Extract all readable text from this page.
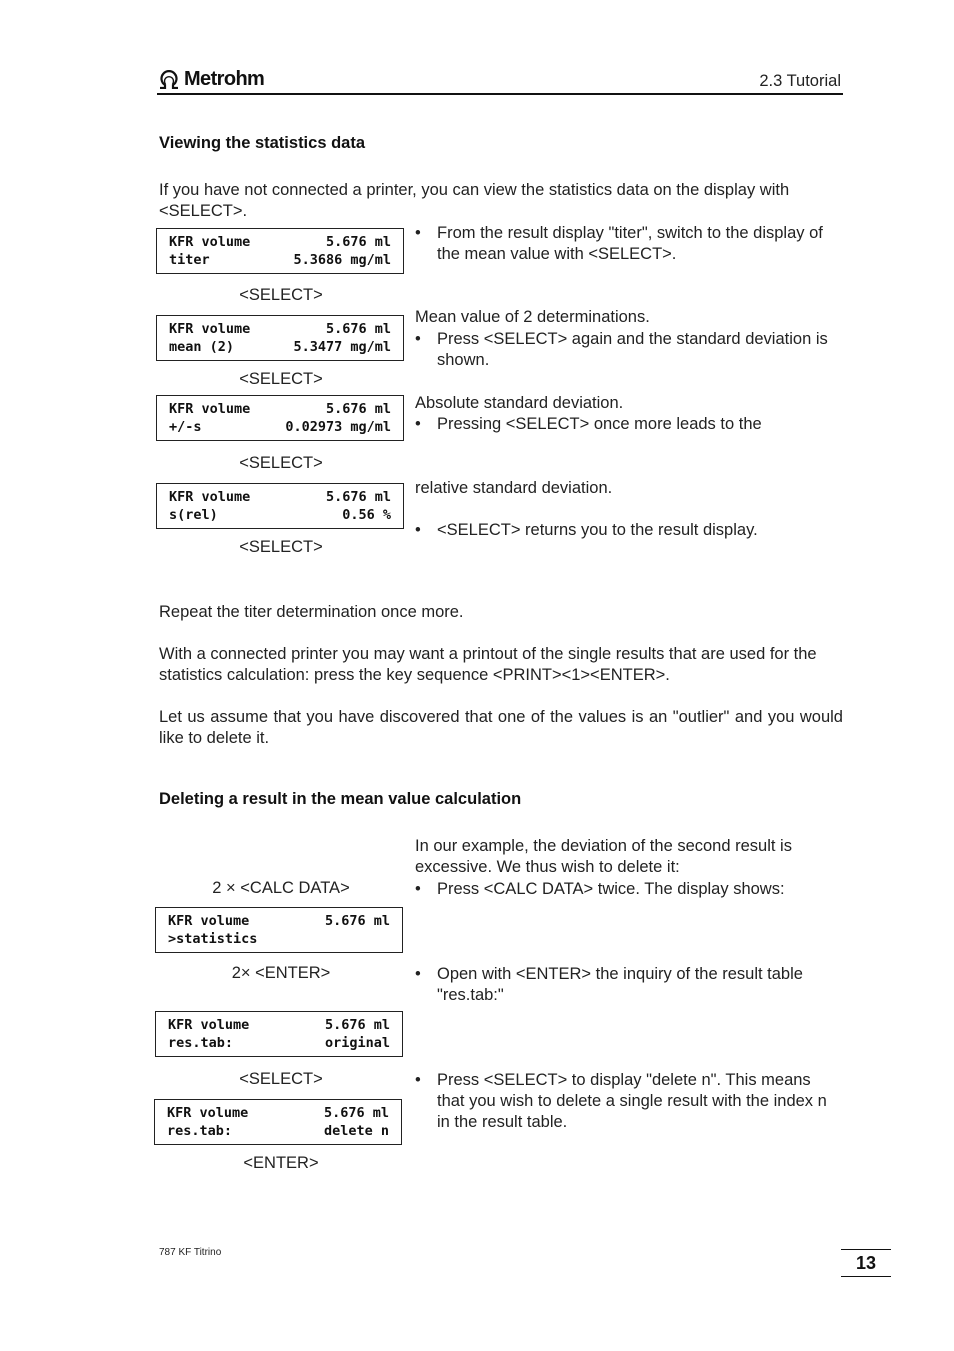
Metrohm	2.3 Tutorial
Viewing the statistics data
If you have not connected a printer, you can view the statistics data on the display with <SELECT>.
KFR volume	5.676 ml
titer	5.3686 mg/ml
• From the result display "titer", switch to the display of the mean value with <SELECT>.
<SELECT>
KFR volume	5.676 ml
mean (2)	5.3477 mg/ml
Mean value of 2 determinations.
• Press <SELECT> again and the standard deviation is shown.
<SELECT>
KFR volume	5.676 ml
+/-s	0.02973 mg/ml
Absolute standard deviation.
• Pressing <SELECT> once more leads to the
<SELECT>
KFR volume	5.676 ml
s(rel)	0.56 %
relative standard deviation.
• <SELECT> returns you to the result display.
<SELECT>
Repeat the titer determination once more.
With a connected printer you may want a printout of the single results that are used for the statistics calculation: press the key sequence <PRINT><1><ENTER>.
Let us assume that you have discovered that one of the values is an "outlier" and you would like to delete it.
Deleting a result in the mean value calculation
In our example, the deviation of the second result is excessive. We thus wish to delete it:
2 × <CALC DATA>	• Press <CALC DATA> twice. The display shows:
KFR volume	5.676 ml
>statistics
2× <ENTER>	• Open with <ENTER> the inquiry of the result table "res.tab:"
KFR volume	5.676 ml
res.tab:	original
<SELECT>	• Press <SELECT> to display "delete n". This means that you wish to delete a single result with the index n in the result table.
KFR volume	5.676 ml
res.tab:	delete n
<ENTER>
787 KF Titrino
13
